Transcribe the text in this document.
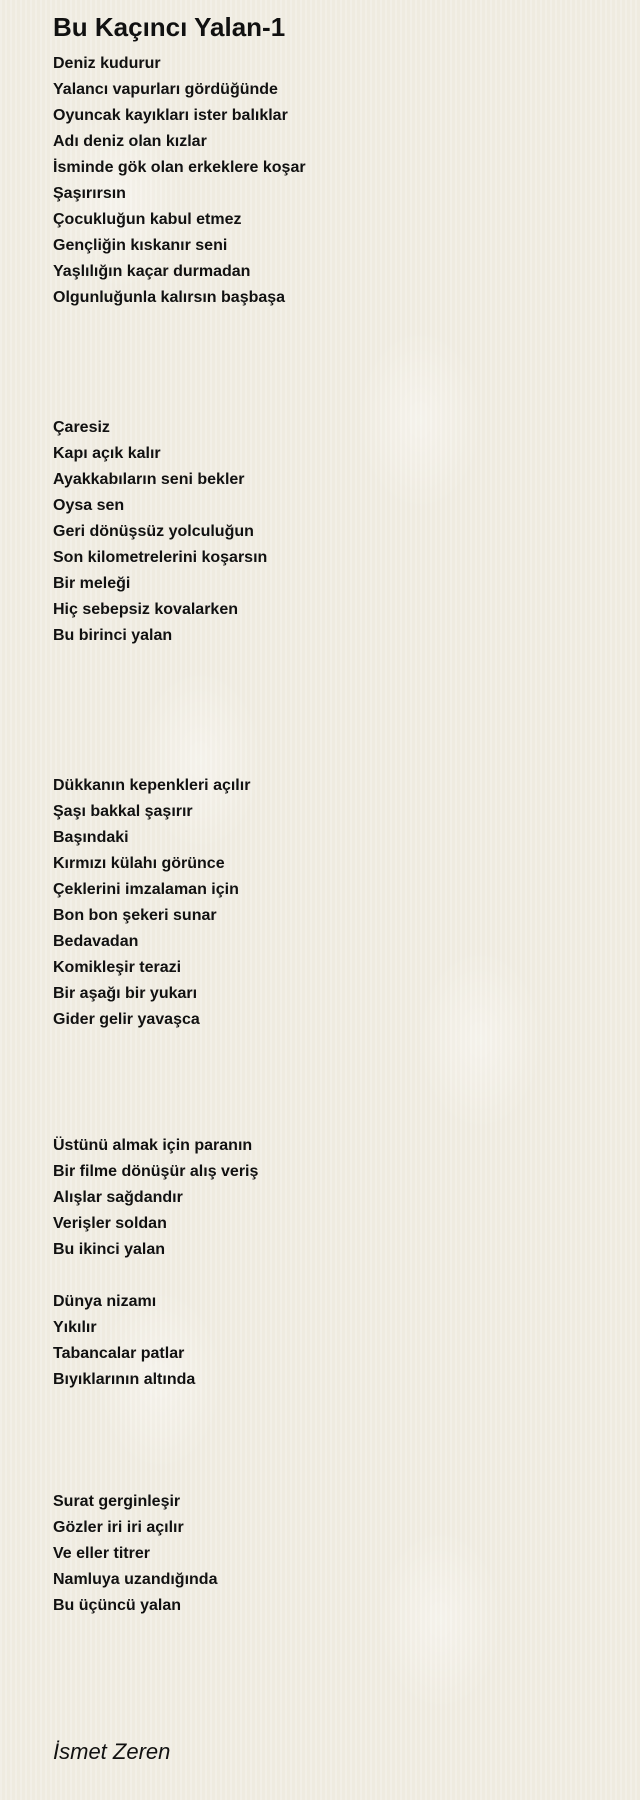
Bu Kaçıncı Yalan-1
Deniz kudurur
Yalancı vapurları gördüğünde
Oyuncak kayıkları ister balıklar
Adı deniz olan kızlar
İsminde gök olan erkeklere koşar
Şaşırırsın
Çocukluğun kabul etmez
Gençliğin kıskanır seni
Yaşlılığın kaçar durmadan
Olgunluğunla kalırsın başbaşa
Çaresiz
Kapı açık kalır
Ayakkabıların seni bekler
Oysa sen
Geri dönüşsüz yolculuğun
Son kilometrelerini koşarsın
Bir meleği
Hiç sebepsiz kovalarken
Bu birinci yalan
Dükkanın kepenkleri açılır
Şaşı bakkal şaşırır
Başındaki
Kırmızı külahı görünce
Çeklerini imzalaman için
Bon bon şekeri sunar
Bedavadan
Komikleşir terazi
Bir aşağı bir yukarı
Gider gelir yavaşca
Üstünü almak için paranın
Bir filme dönüşür alış veriş
Alışlar sağdandır
Verişler soldan
Bu ikinci yalan
Dünya nizamı
Yıkılır
Tabancalar patlar
Bıyıklarının altında
Surat gerginleşir
Gözler iri iri açılır
Ve eller titrer
Namluya uzandığında
Bu üçüncü yalan
İsmet Zeren
